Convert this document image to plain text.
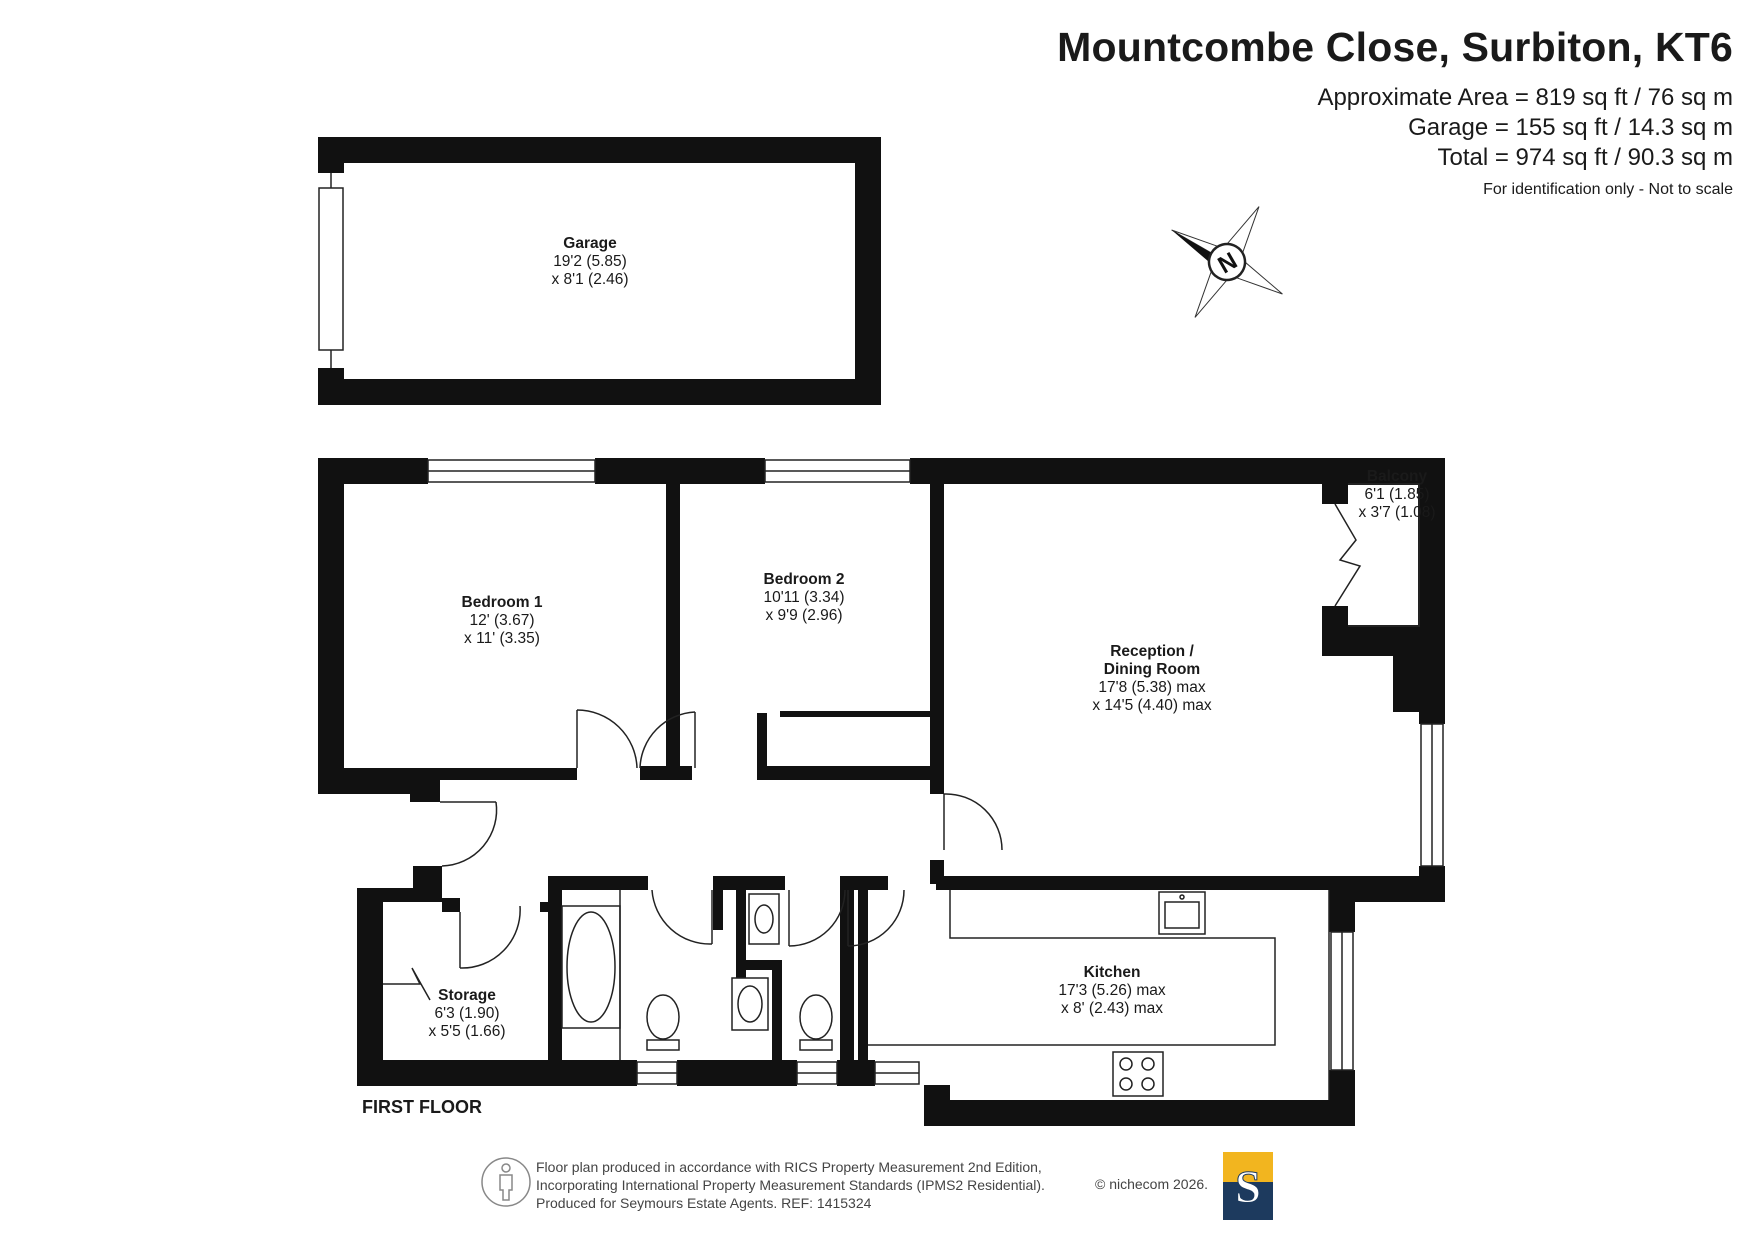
N
Mountcombe Close, Surbiton, KT6
Approximate Area = 819 sq ft / 76 sq m
Garage = 155 sq ft / 14.3 sq m
Total = 974 sq ft / 90.3 sq m
For identification only - Not to scale
Garage
19'2 (5.85)
x 8'1 (2.46)
Bedroom 1
12' (3.67)
x 11' (3.35)
Bedroom 2
10'11 (3.34)
x 9'9 (2.96)
Balcony
6'1 (1.85)
x 3'7 (1.08)
Reception /
Dining Room
17'8 (5.38) max
x 14'5 (4.40) max
Kitchen
17'3 (5.26) max
x 8' (2.43) max
Storage
6'3 (1.90)
x 5'5 (1.66)
FIRST FLOOR
Floor plan produced in accordance with RICS Property Measurement 2nd Edition,
Incorporating International Property Measurement Standards (IPMS2 Residential).
Produced for Seymours Estate Agents. REF: 1415324
© nichecom 2026. S
